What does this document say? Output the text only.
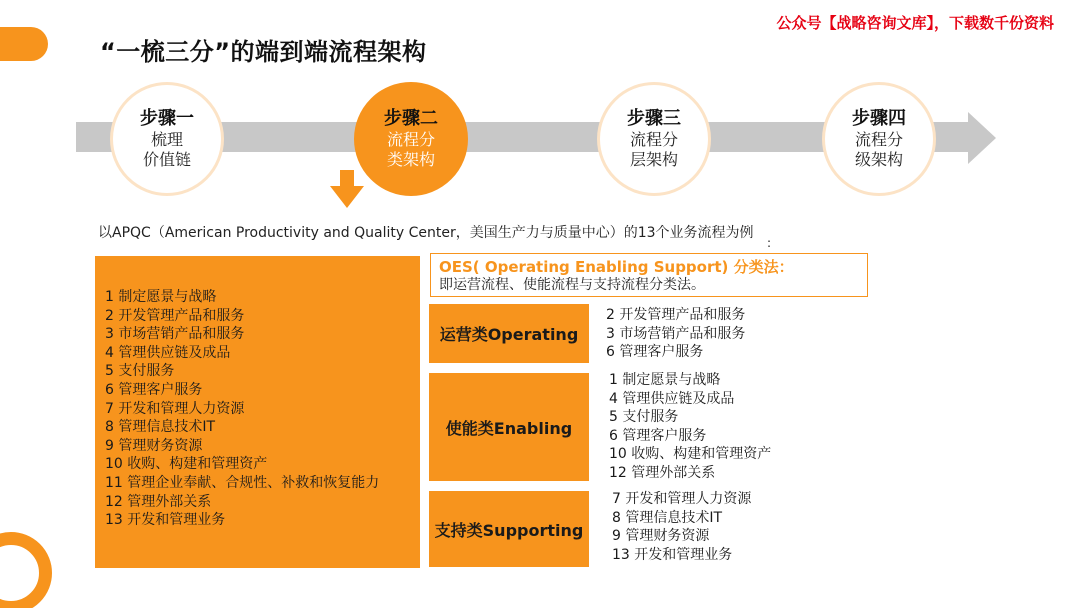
“一梳三分”的端到端流程架构
公众号【战略咨询文库】，下载数千份资料
步骤一
梳理
价值链
步骤二
流程分
类架构
步骤三
流程分
层架构
步骤四
流程分
级架构
以APQC（American Productivity and Quality Center，美国生产力与质量中心）的13个业务流程为例
:
1 制定愿景与战略
2 开发管理产品和服务
3 市场营销产品和服务
4 管理供应链及成品
5 支付服务
6 管理客户服务
7 开发和管理人力资源
8 管理信息技术IT
9 管理财务资源
10 收购、构建和管理资产
11 管理企业奉献、合规性、补救和恢复能力
12 管理外部关系
13 开发和管理业务
OES( Operating Enabling Support) 分类法：
即运营流程、使能流程与支持流程分类法。
运营类Operating
使能类Enabling
支持类Supporting
2 开发管理产品和服务
3 市场营销产品和服务
6 管理客户服务
1 制定愿景与战略
4 管理供应链及成品
5 支付服务
6 管理客户服务
10 收购、构建和管理资产
12 管理外部关系
7 开发和管理人力资源
8 管理信息技术IT
9 管理财务资源
13 开发和管理业务
